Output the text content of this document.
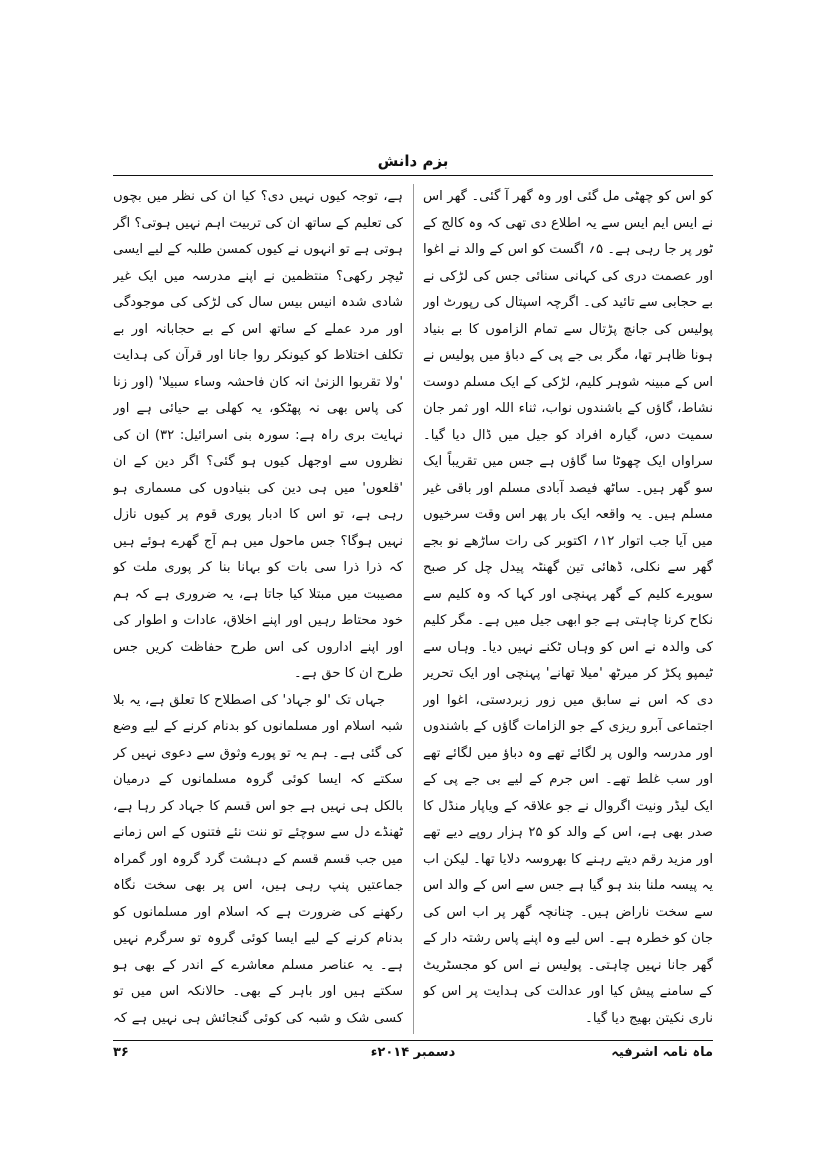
بزم دانش

کو اس کو چھٹی مل گئی اور وہ گھر آ گئی۔ گھر اس نے ایس ایم ایس سے یہ اطلاع دی تھی کہ وہ کالج کے ٹور پر جا رہی ہے۔ ۵؍ اگست کو اس کے والد نے اغوا اور عصمت دری کی کہانی سنائی جس کی لڑکی نے بے حجابی سے تائید کی۔ اگرچہ اسپتال کی رپورٹ اور پولیس کی جانچ پڑتال سے تمام الزاموں کا بے بنیاد ہونا ظاہر تھا، مگر بی جے پی کے دباؤ میں پولیس نے اس کے مبینہ شوہر کلیم، لڑکی کے ایک مسلم دوست نشاط، گاؤں کے باشندوں نواب، ثناء اللہ اور ثمر جان سمیت دس، گیارہ افراد کو جیل میں ڈال دیا گیا۔ سراواں ایک چھوٹا سا گاؤں ہے جس میں تقریباً ایک سو گھر ہیں۔ ساٹھ فیصد آبادی مسلم اور باقی غیر مسلم ہیں۔ یہ واقعہ ایک بار پھر اس وقت سرخیوں میں آیا جب اتوار ۱۲؍ اکتوبر کی رات ساڑھے نو بجے گھر سے نکلی، ڈھائی تین گھنٹہ پیدل چل کر صبح سویرے کلیم کے گھر پہنچی اور کہا کہ وہ کلیم سے نکاح کرنا چاہتی ہے جو ابھی جیل میں ہے۔ مگر کلیم کی والدہ نے اس کو وہاں ٹکنے نہیں دیا۔ وہاں سے ٹیمپو پکڑ کر میرٹھ 'میلا تھانے' پہنچی اور ایک تحریر دی کہ اس نے سابق میں زور زبردستی، اغوا اور اجتماعی آبرو ریزی کے جو الزامات گاؤں کے باشندوں اور مدرسہ والوں پر لگائے تھے وہ دباؤ میں لگائے تھے اور سب غلط تھے۔ اس جرم کے لیے بی جے پی کے ایک لیڈر ونیت اگروال نے جو علاقہ کے ویاپار منڈل کا صدر بھی ہے، اس کے والد کو ۲۵ ہزار روپے دیے تھے اور مزید رقم دیتے رہنے کا بھروسہ دلایا تھا۔ لیکن اب یہ پیسہ ملنا بند ہو گیا ہے جس سے اس کے والد اس سے سخت ناراض ہیں۔ چنانچہ گھر پر اب اس کی جان کو خطرہ ہے۔ اس لیے وہ اپنے پاس رشتہ دار کے گھر جانا نہیں چاہتی۔ پولیس نے اس کو مجسٹریٹ کے سامنے پیش کیا اور عدالت کی ہدایت پر اس کو ناری نکیتن بھیج دیا گیا۔

ہے، توجہ کیوں نہیں دی؟ کیا ان کی نظر میں بچوں کی تعلیم کے ساتھ ان کی تربیت اہم نہیں ہوتی؟ اگر ہوتی ہے تو انہوں نے کیوں کمسن طلبہ کے لیے ایسی ٹیچر رکھی؟ منتظمین نے اپنے مدرسہ میں ایک غیر شادی شدہ انیس بیس سال کی لڑکی کی موجودگی اور مرد عملے کے ساتھ اس کے بے حجابانہ اور بے تکلف اختلاط کو کیونکر روا جانا اور قرآن کی ہدایت 'ولا تقربوا الزنیٰ انہ کان فاحشہ وساء سبیلا' (اور زنا کی پاس بھی نہ پھٹکو، یہ کھلی بے حیائی ہے اور نہایت بری راہ ہے: سورہ بنی اسرائیل: ۳۲) ان کی نظروں سے اوجھل کیوں ہو گئی؟ اگر دین کے ان 'قلعوں' میں ہی دین کی بنیادوں کی مسماری ہو رہی ہے، تو اس کا ادبار پوری قوم پر کیوں نازل نہیں ہوگا؟ جس ماحول میں ہم آج گھرے ہوئے ہیں کہ ذرا ذرا سی بات کو بہانا بنا کر پوری ملت کو مصیبت میں مبتلا کیا جاتا ہے، یہ ضروری ہے کہ ہم خود محتاط رہیں اور اپنے اخلاق، عادات و اطوار کی اور اپنے اداروں کی اس طرح حفاظت کریں جس طرح ان کا حق ہے۔

جہاں تک 'لو جہاد' کی اصطلاح کا تعلق ہے، یہ بلا شبہ اسلام اور مسلمانوں کو بدنام کرنے کے لیے وضع کی گئی ہے۔ ہم یہ تو پورے وثوق سے دعوی نہیں کر سکتے کہ ایسا کوئی گروہ مسلمانوں کے درمیان بالکل ہی نہیں ہے جو اس قسم کا جہاد کر رہا ہے، ٹھنڈے دل سے سوچئے تو ننت نئے فتنوں کے اس زمانے میں جب قسم قسم کے دہشت گرد گروہ اور گمراہ جماعتیں پنپ رہی ہیں، اس پر بھی سخت نگاہ رکھنے کی ضرورت ہے کہ اسلام اور مسلمانوں کو بدنام کرنے کے لیے ایسا کوئی گروہ تو سرگرم نہیں ہے۔ یہ عناصر مسلم معاشرے کے اندر کے بھی ہو سکتے ہیں اور باہر کے بھی۔ حالانکہ اس میں تو کسی شک و شبہ کی کوئی گنجائش ہی نہیں ہے کہ

ماہ نامہ اشرفیہ
دسمبر ۲۰۱۴ء
۳۶
